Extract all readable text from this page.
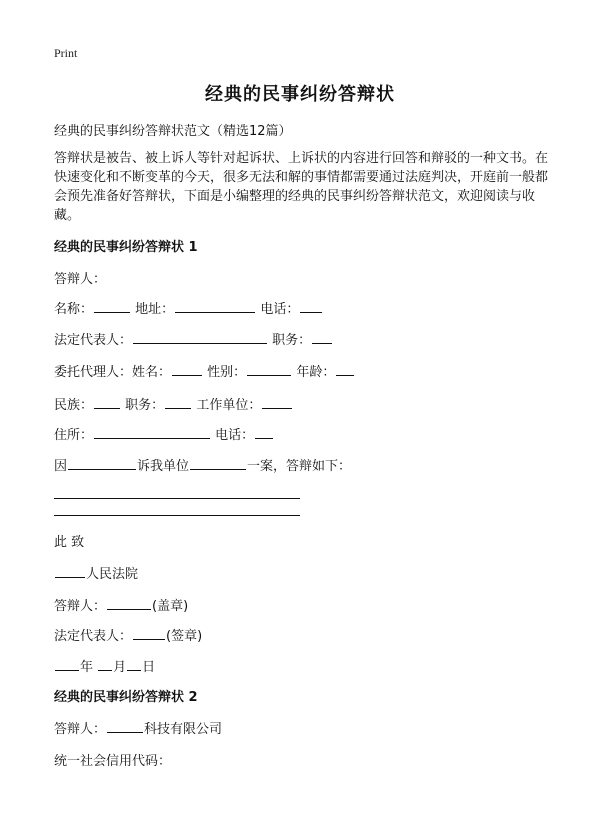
Print
经典的民事纠纷答辩状
经典的民事纠纷答辩状范文（精选12篇）
答辩状是被告、被上诉人等针对起诉状、上诉状的内容进行回答和辩驳的一种文书。在快速变化和不断变革的今天，很多无法和解的事情都需要通过法庭判决，开庭前一般都会预先准备好答辩状，下面是小编整理的经典的民事纠纷答辩状范文，欢迎阅读与收藏。
经典的民事纠纷答辩状 1
答辩人：
名称：	地址：	电话：
法定代表人：	职务：
委托代理人：姓名：	性别：	年龄：
民族： 职务： 工作单位：
住所：	电话：
因	诉我单位	一案，答辩如下：
此 致
人民法院
答辩人：	(盖章)
法定代表人：	(签章)
年 月 日
经典的民事纠纷答辩状 2
答辩人：	科技有限公司
统一社会信用代码：
